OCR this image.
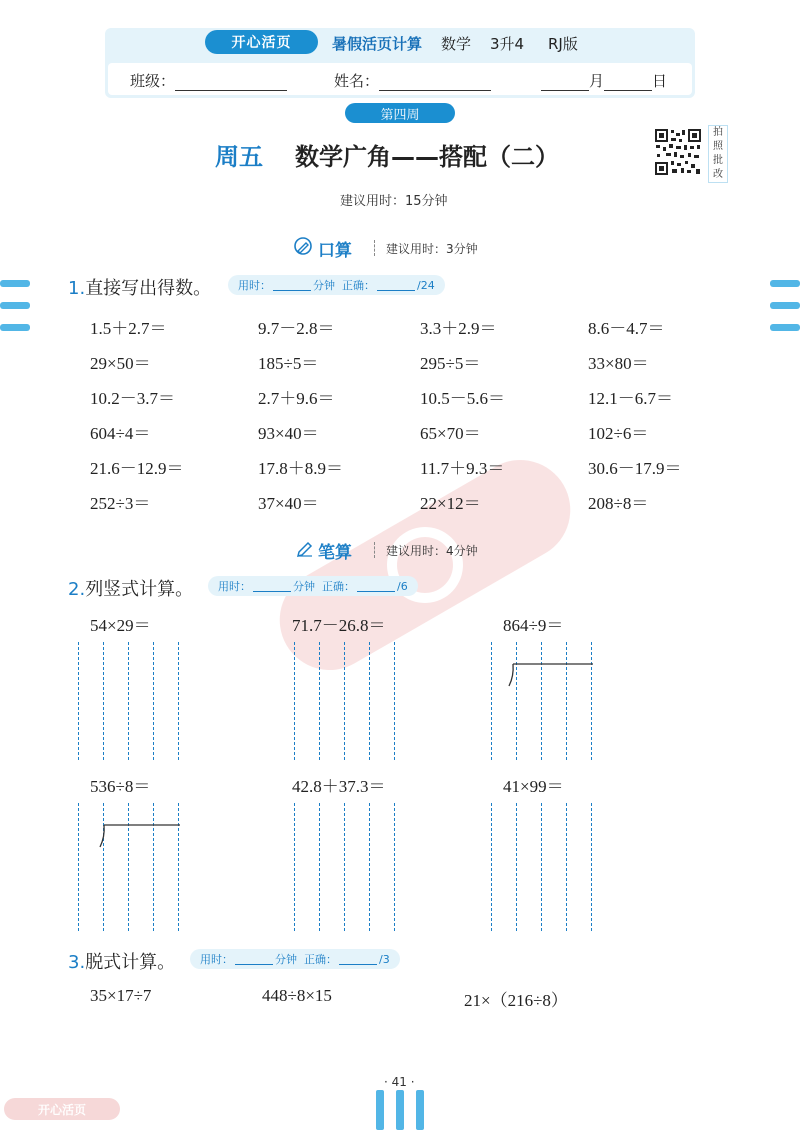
开心活页	暑假活页计算 数学 3升4 RJ版
班级：	姓名：	月	日
第四周
周五 数学广角——搭配（二）
拍照批改
建议用时：15分钟
口算	建议用时：3分钟
1.直接写出得数。 用时：	分钟
正确：	/24
1.5＋2.7＝	9.7－2.8＝	3.3＋2.9＝	8.6－4.7＝
29×50＝	185÷5＝	295÷5＝	33×80＝
10.2－3.7＝	2.7＋9.6＝	10.5－5.6＝	12.1－6.7＝
604÷4＝	93×40＝	65×70＝	102÷6＝
21.6－12.9＝	17.8＋8.9＝	11.7＋9.3＝	30.6－17.9＝
252÷3＝	37×40＝	22×12＝	208÷8＝
笔算	建议用时：4分钟
2.列竖式计算。 用时：	分钟
正确：	/6
54×29＝	71.7－26.8＝	864÷9＝
536÷8＝	42.8＋37.3＝	41×99＝
3.脱式计算。 用时：	分钟
正确：	/3
35×17÷7	448÷8×15	21×（216÷8）
· 41 ·
开心活页
